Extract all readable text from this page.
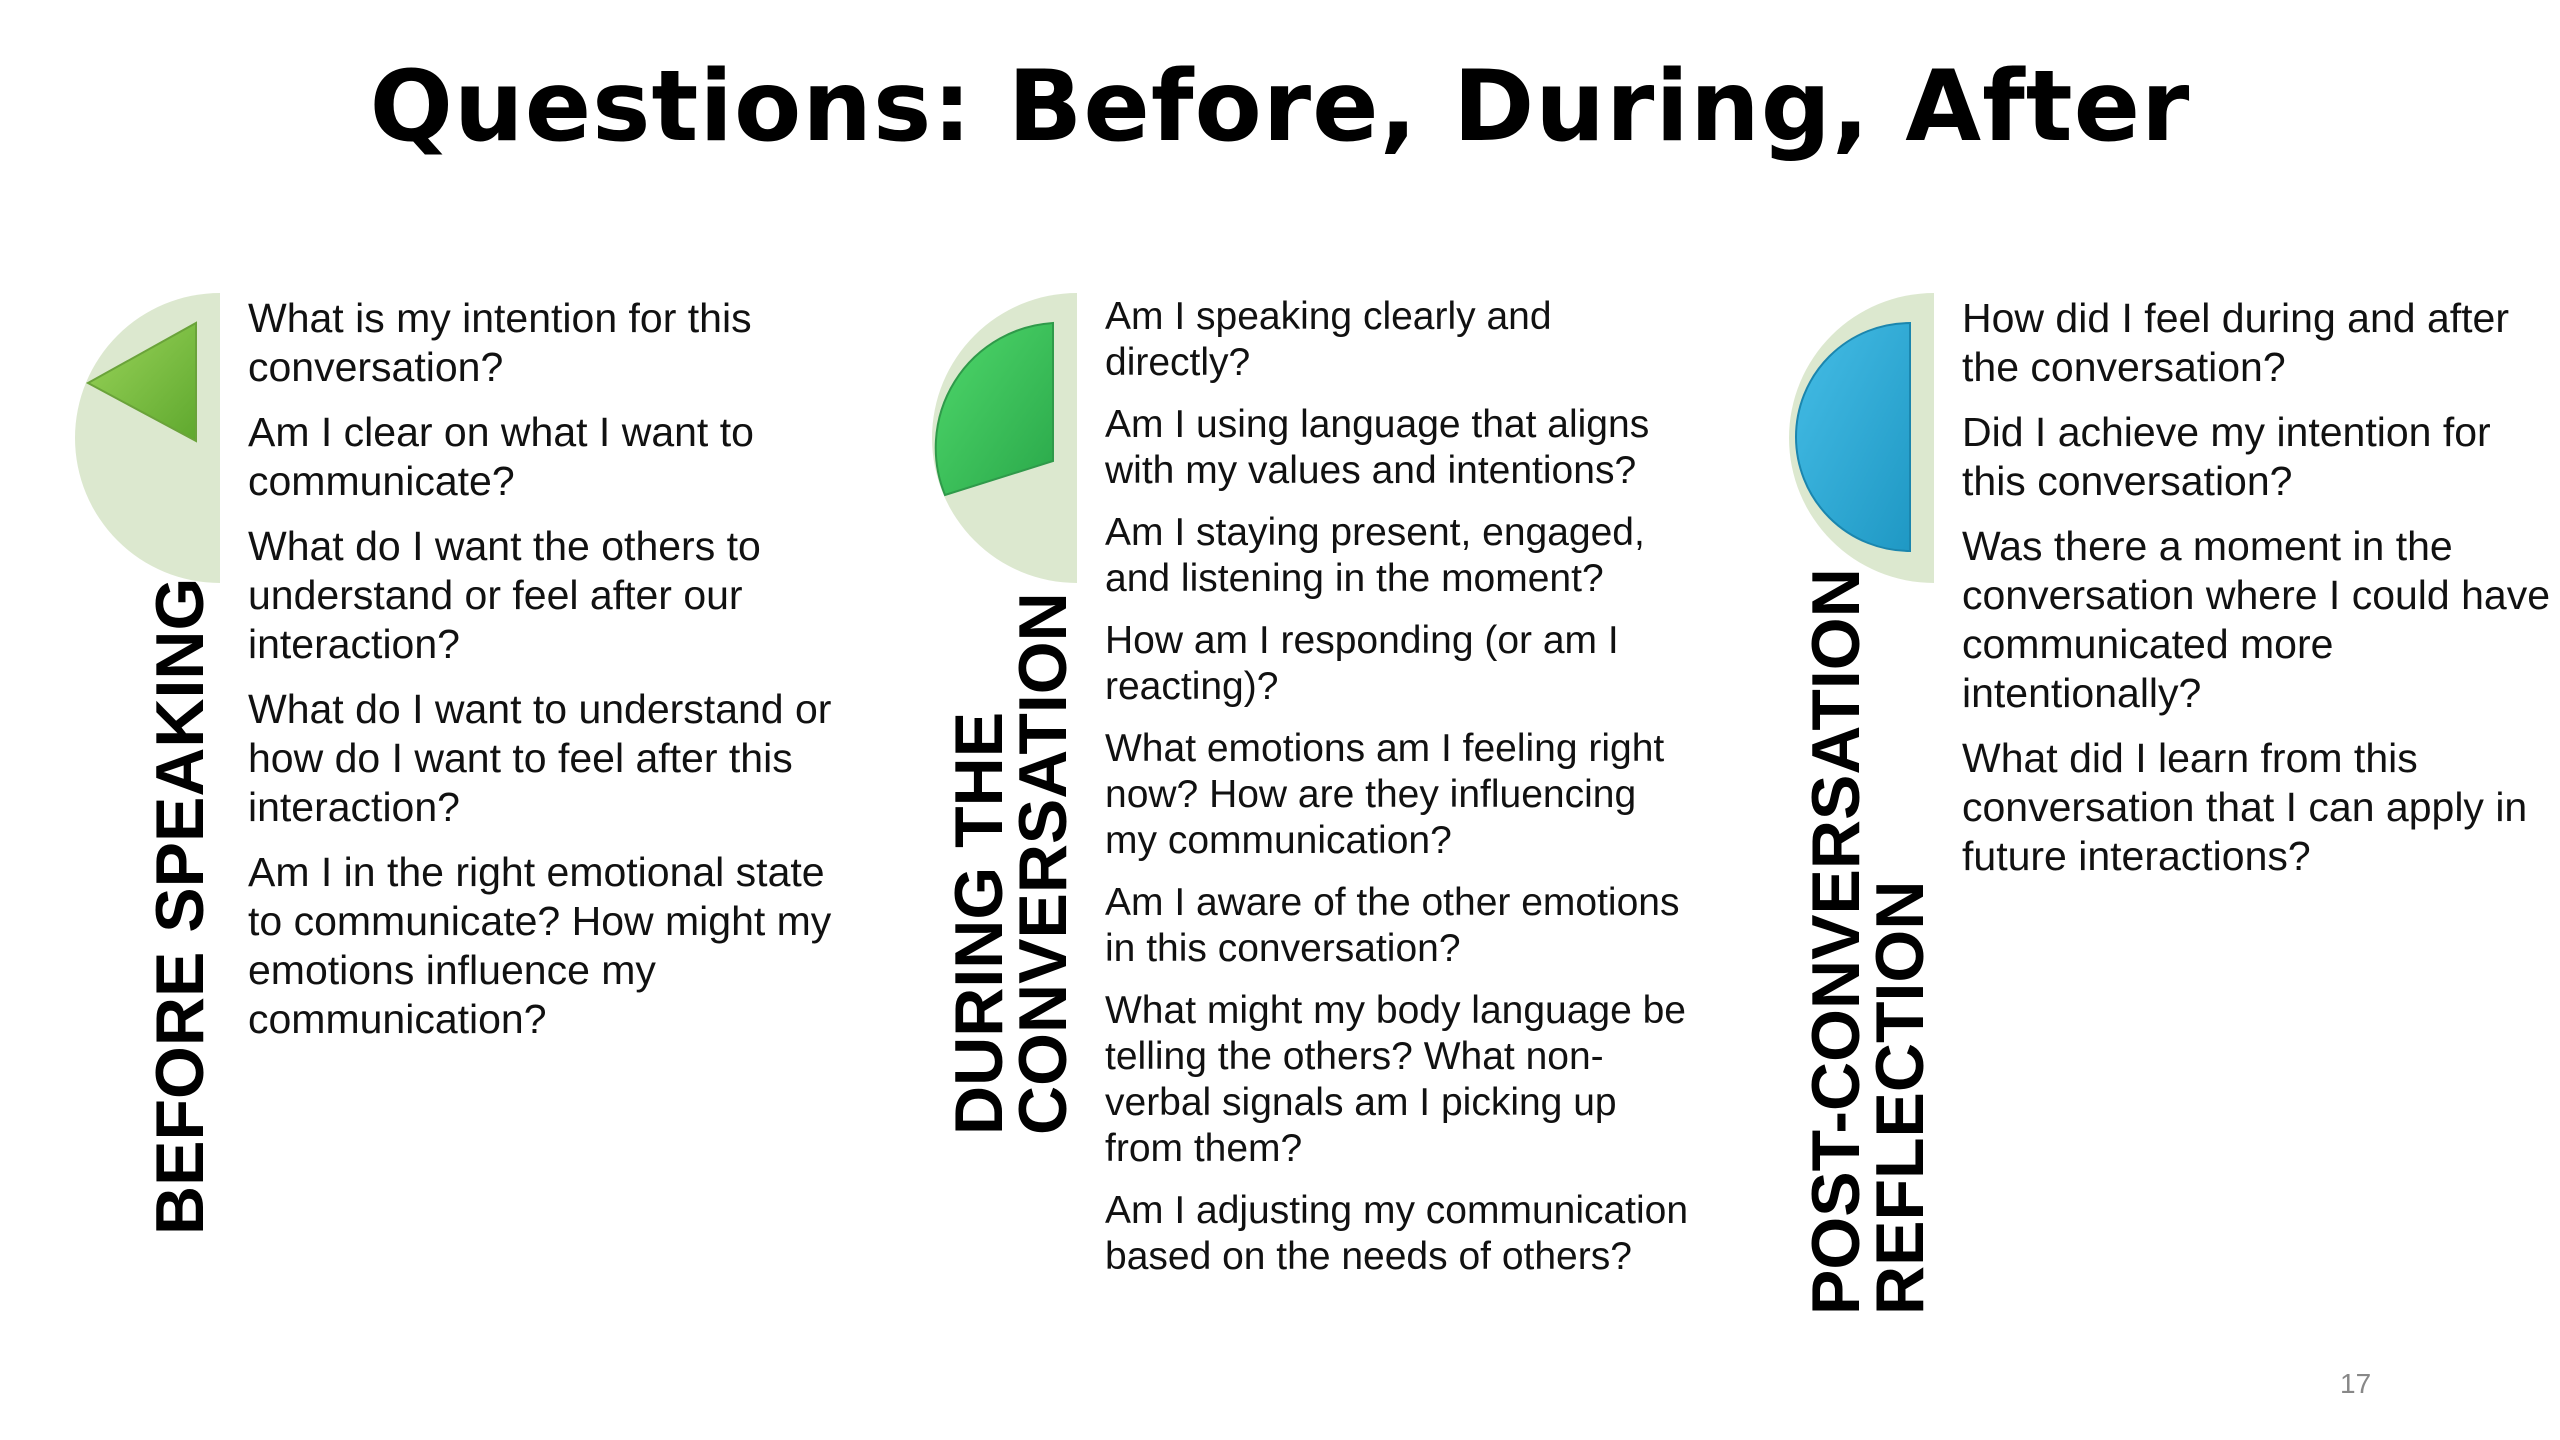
Questions: Before, During, After
BEFORE SPEAKING
What is my intention for this conversation?
Am I clear on what I want to communicate?
What do I want the others to understand or feel after our interaction?
What do I want to understand or how do I want to feel after this interaction?
Am I in the right emotional state to communicate? How might my emotions influence my communication?	DURING THE
CONVERSATION
Am I speaking clearly and directly?
Am I using language that aligns with my values and intentions?
Am I staying present, engaged, and listening in the moment?
How am I responding (or am I reacting)?
What emotions am I feeling right now? How are they influencing my communication?
Am I aware of the other emotions in this conversation?
What might my body language be telling the others? What non-verbal signals am I picking up from them?
Am I adjusting my communication based on the needs of others?	POST-CONVERSATION
REFLECTION
How did I feel during and after the conversation?
Did I achieve my intention for this conversation?
Was there a moment in the conversation where I could have communicated more intentionally?
What did I learn from this conversation that I can apply in future interactions?
17
